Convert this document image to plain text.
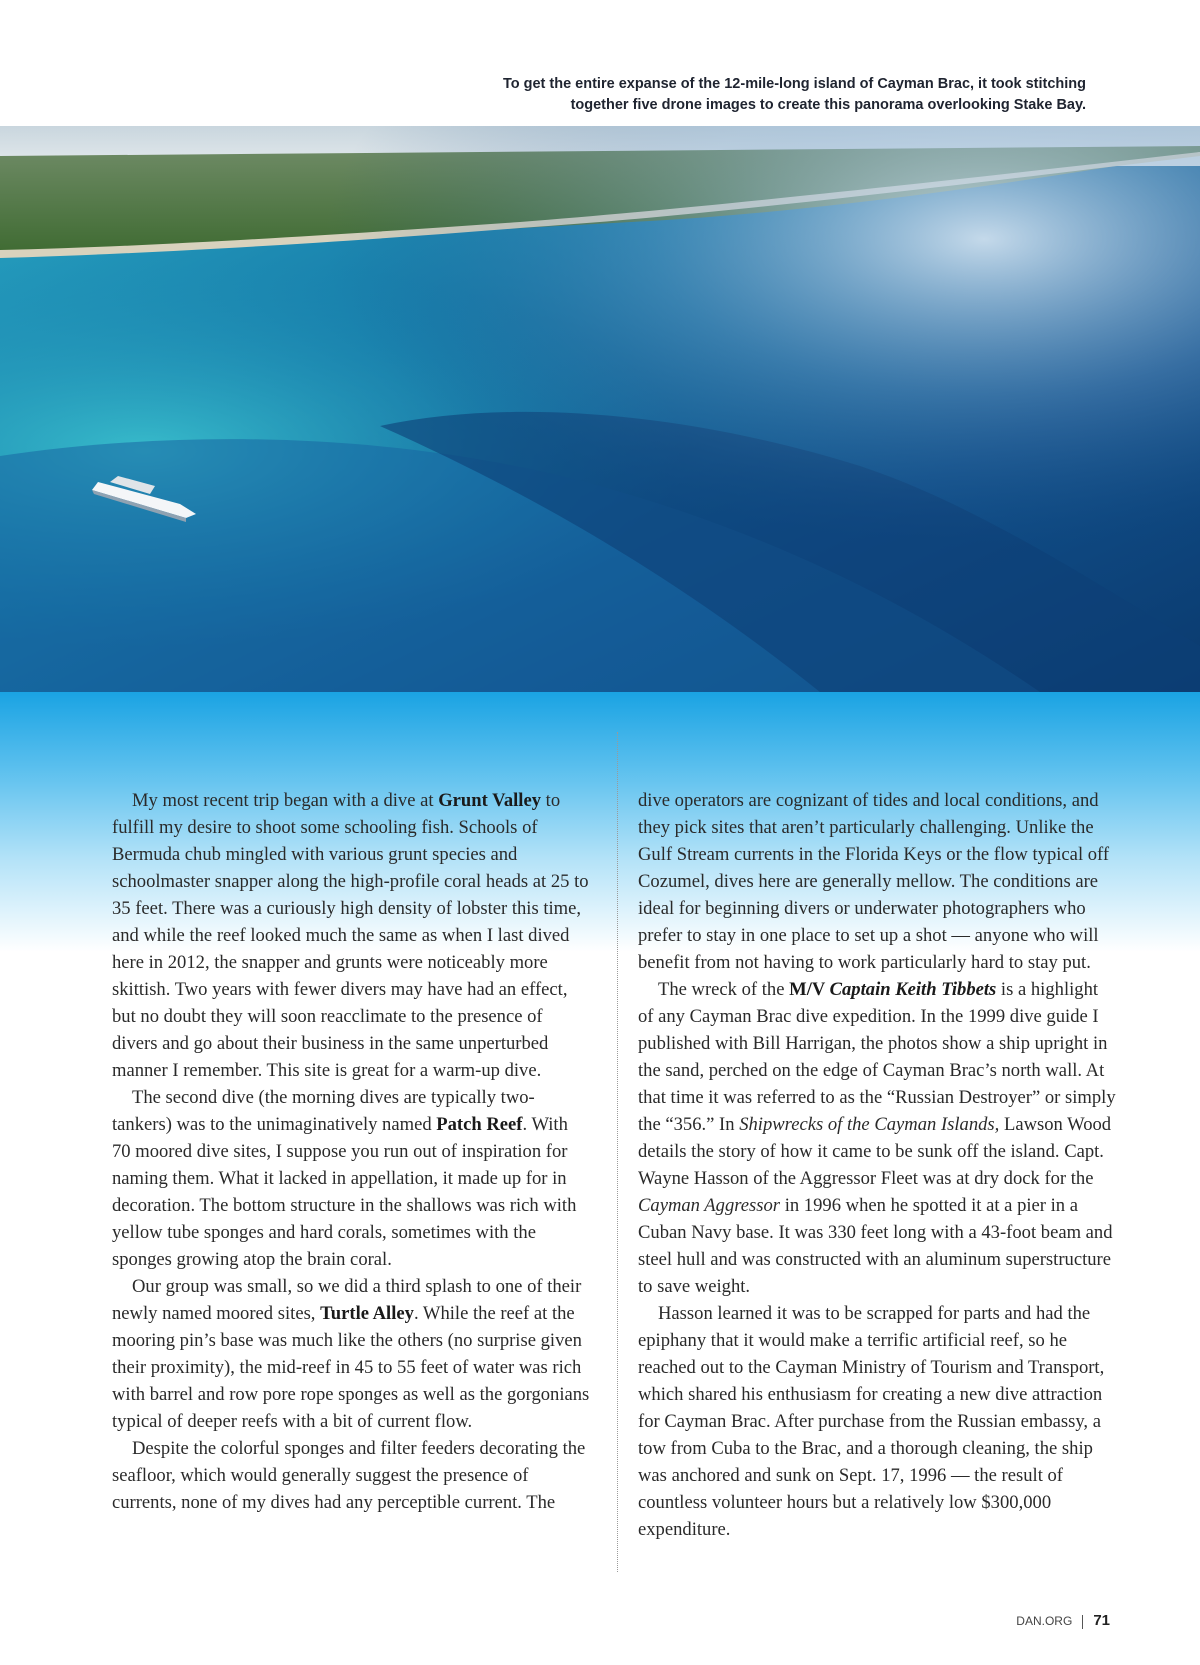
To get the entire expanse of the 12-mile-long island of Cayman Brac, it took stitching together five drone images to create this panorama overlooking Stake Bay.

My most recent trip began with a dive at Grunt Valley to fulfill my desire to shoot some schooling fish. Schools of Bermuda chub mingled with various grunt species and schoolmaster snapper along the high-profile coral heads at 25 to 35 feet. There was a curiously high density of lobster this time, and while the reef looked much the same as when I last dived here in 2012, the snapper and grunts were noticeably more skittish. Two years with fewer divers may have had an effect, but no doubt they will soon reacclimate to the presence of divers and go about their business in the same unperturbed manner I remember. This site is great for a warm-up dive.

The second dive (the morning dives are typically two-tankers) was to the unimaginatively named Patch Reef. With 70 moored dive sites, I suppose you run out of inspiration for naming them. What it lacked in appellation, it made up for in decoration. The bottom structure in the shallows was rich with yellow tube sponges and hard corals, sometimes with the sponges growing atop the brain coral.

Our group was small, so we did a third splash to one of their newly named moored sites, Turtle Alley. While the reef at the mooring pin’s base was much like the others (no surprise given their proximity), the mid-reef in 45 to 55 feet of water was rich with barrel and row pore rope sponges as well as the gorgonians typical of deeper reefs with a bit of current flow.

Despite the colorful sponges and filter feeders decorating the seafloor, which would generally suggest the presence of currents, none of my dives had any perceptible current. The

dive operators are cognizant of tides and local conditions, and they pick sites that aren’t particularly challenging. Unlike the Gulf Stream currents in the Florida Keys or the flow typical off Cozumel, dives here are generally mellow. The conditions are ideal for beginning divers or underwater photographers who prefer to stay in one place to set up a shot — anyone who will benefit from not having to work particularly hard to stay put.

The wreck of the M/V Captain Keith Tibbets is a highlight of any Cayman Brac dive expedition. In the 1999 dive guide I published with Bill Harrigan, the photos show a ship upright in the sand, perched on the edge of Cayman Brac’s north wall. At that time it was referred to as the “Russian Destroyer” or simply the “356.” In Shipwrecks of the Cayman Islands, Lawson Wood details the story of how it came to be sunk off the island. Capt. Wayne Hasson of the Aggressor Fleet was at dry dock for the Cayman Aggressor in 1996 when he spotted it at a pier in a Cuban Navy base. It was 330 feet long with a 43-foot beam and steel hull and was constructed with an aluminum superstructure to save weight.

Hasson learned it was to be scrapped for parts and had the epiphany that it would make a terrific artificial reef, so he reached out to the Cayman Ministry of Tourism and Transport, which shared his enthusiasm for creating a new dive attraction for Cayman Brac. After purchase from the Russian embassy, a tow from Cuba to the Brac, and a thorough cleaning, the ship was anchored and sunk on Sept. 17, 1996 — the result of countless volunteer hours but a relatively low $300,000 expenditure.

DAN.ORG 71
